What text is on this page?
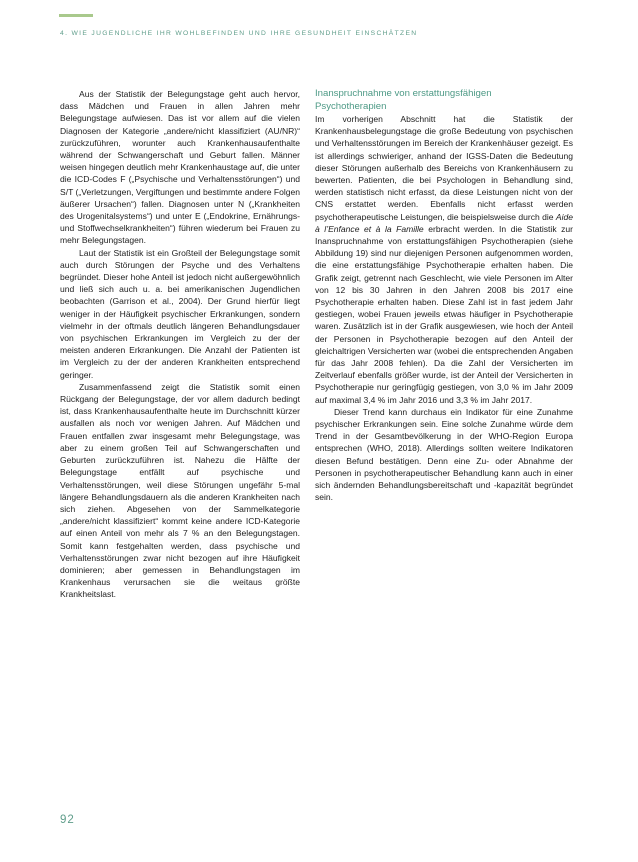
4. WIE JUGENDLICHE IHR WOHLBEFINDEN UND IHRE GESUNDHEIT EINSCHÄTZEN

Aus der Statistik der Belegungstage geht auch hervor, dass Mädchen und Frauen in allen Jahren mehr Belegungstage aufwiesen. Das ist vor allem auf die vielen Diagnosen der Kategorie „andere/nicht klassifiziert (AU/NR)“ zurückzuführen, worunter auch Krankenhausaufenthalte während der Schwangerschaft und Geburt fallen. Männer weisen hingegen deutlich mehr Krankenhaustage auf, die unter die ICD-Codes F („Psychische und Verhaltensstörungen“) und S/T („Verletzungen, Vergiftungen und bestimmte andere Folgen äußerer Ursachen“) fallen. Diagnosen unter N („Krankheiten des Urogenitalsystems“) und unter E („Endokrine, Ernährungs- und Stoffwechselkrankheiten“) führen wiederum bei Frauen zu mehr Belegungstagen.

Laut der Statistik ist ein Großteil der Belegungstage somit auch durch Störungen der Psyche und des Verhaltens begründet. Dieser hohe Anteil ist jedoch nicht außergewöhnlich und ließ sich auch u. a. bei amerikanischen Jugendlichen beobachten (Garrison et al., 2004). Der Grund hierfür liegt weniger in der Häufigkeit psychischer Erkrankungen, sondern vielmehr in der oftmals deutlich längeren Behandlungsdauer von psychischen Erkrankungen im Vergleich zu der der meisten anderen Erkrankungen. Die Anzahl der Patienten ist im Vergleich zu der der anderen Krankheiten entsprechend geringer.

Zusammenfassend zeigt die Statistik somit einen Rückgang der Belegungstage, der vor allem dadurch bedingt ist, dass Krankenhausaufenthalte heute im Durchschnitt kürzer ausfallen als noch vor wenigen Jahren. Auf Mädchen und Frauen entfallen zwar insgesamt mehr Belegungstage, was aber zu einem großen Teil auf Schwangerschaften und Geburten zurückzuführen ist. Nahezu die Hälfte der Belegungstage entfällt auf psychische und Verhaltensstörungen, weil diese Störungen ungefähr 5-mal längere Behandlungsdauern als die anderen Krankheiten nach sich ziehen. Abgesehen von der Sammelkategorie „andere/nicht klassifiziert“ kommt keine andere ICD-Kategorie auf einen Anteil von mehr als 7 % an den Belegungstagen. Somit kann festgehalten werden, dass psychische und Verhaltensstörungen zwar nicht bezogen auf ihre Häufigkeit dominieren; aber gemessen in Behandlungstagen im Krankenhaus verursachen sie die weitaus größte Krankheitslast.

Inanspruchnahme von erstattungsfähigen
Psychotherapien

Im vorherigen Abschnitt hat die Statistik der Krankenhausbelegungstage die große Bedeutung von psychischen und Verhaltensstörungen im Bereich der Krankenhäuser gezeigt. Es ist allerdings schwieriger, anhand der IGSS-Daten die Bedeutung dieser Störungen außerhalb des Bereichs von Krankenhäusern zu bewerten. Patienten, die bei Psychologen in Behandlung sind, werden statistisch nicht erfasst, da diese Leistungen nicht von der CNS erstattet werden. Ebenfalls nicht erfasst werden psychotherapeutische Leistungen, die beispielsweise durch die Aide à l’Enfance et à la Famille erbracht werden. In die Statistik zur Inanspruchnahme von erstattungsfähigen Psychotherapien (siehe Abbildung 19) sind nur diejenigen Personen aufgenommen worden, die eine erstattungsfähige Psychotherapie erhalten haben. Die Grafik zeigt, getrennt nach Geschlecht, wie viele Personen im Alter von 12 bis 30 Jahren in den Jahren 2008 bis 2017 eine Psychotherapie erhalten haben. Diese Zahl ist in fast jedem Jahr gestiegen, wobei Frauen jeweils etwas häufiger in Psychotherapie waren. Zusätzlich ist in der Grafik ausgewiesen, wie hoch der Anteil der Personen in Psychotherapie bezogen auf den Anteil der gleichaltrigen Versicherten war (wobei die entsprechenden Angaben für das Jahr 2008 fehlen). Da die Zahl der Versicherten im Zeitverlauf ebenfalls größer wurde, ist der Anteil der Versicherten in Psychotherapie nur geringfügig gestiegen, von 3,0 % im Jahr 2009 auf maximal 3,4 % im Jahr 2016 und 3,3 % im Jahr 2017.

Dieser Trend kann durchaus ein Indikator für eine Zunahme psychischer Erkrankungen sein. Eine solche Zunahme würde dem Trend in der Gesamtbevölkerung in der WHO-Region Europa entsprechen (WHO, 2018). Allerdings sollten weitere Indikatoren diesen Befund bestätigen. Denn eine Zu- oder Abnahme der Personen in psychotherapeutischer Behandlung kann auch in einer sich ändernden Behandlungsbereitschaft und -kapazität begründet sein.

92
